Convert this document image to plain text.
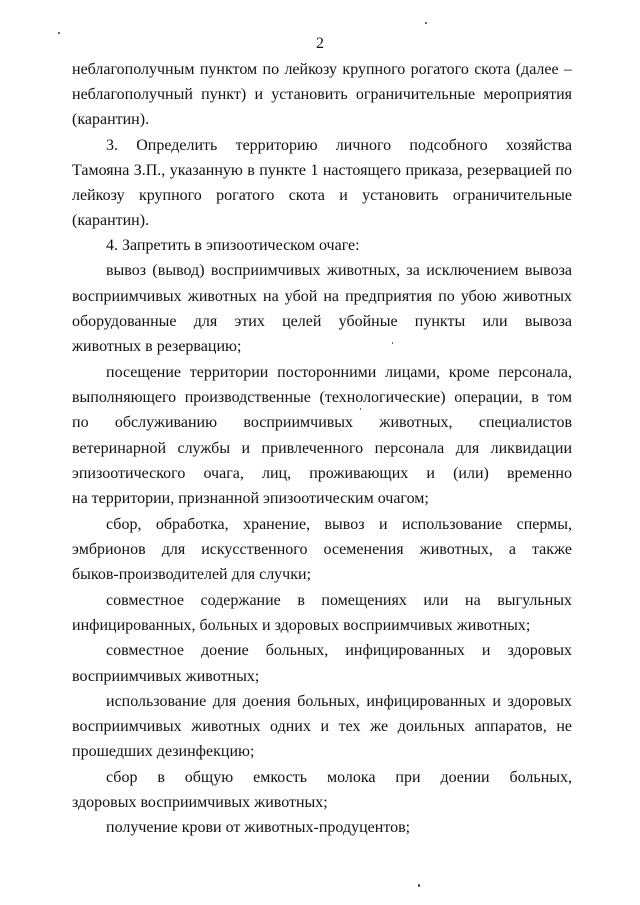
2
неблагополучным пунктом по лейкозу крупного рогатого скота (далее –
неблагополучный пункт) и установить ограничительные мероприятия
(карантин).
3. Определить территорию личного подсобного хозяйства
Тамояна З.П., указанную в пункте 1 настоящего приказа, резервацией по
лейкозу крупного рогатого скота и установить ограничительные
(карантин).
4. Запретить в эпизоотическом очаге:
вывоз (вывод) восприимчивых животных, за исключением вывоза
восприимчивых животных на убой на предприятия по убою животных
оборудованные для этих целей убойные пункты или вывоза
животных в резервацию;
посещение территории посторонними лицами, кроме персонала,
выполняющего производственные (технологические) операции, в том
по обслуживанию восприимчивых животных, специалистов
ветеринарной службы и привлеченного персонала для ликвидации
эпизоотического очага, лиц, проживающих и (или) временно
на территории, признанной эпизоотическим очагом;
сбор, обработка, хранение, вывоз и использование спермы,
эмбрионов для искусственного осеменения животных, а также
быков-производителей для случки;
совместное содержание в помещениях или на выгульных
инфицированных, больных и здоровых восприимчивых животных;
совместное доение больных, инфицированных и здоровых
восприимчивых животных;
использование для доения больных, инфицированных и здоровых
восприимчивых животных одних и тех же доильных аппаратов, не
прошедших дезинфекцию;
сбор в общую емкость молока при доении больных,
здоровых восприимчивых животных;
получение крови от животных-продуцентов;
